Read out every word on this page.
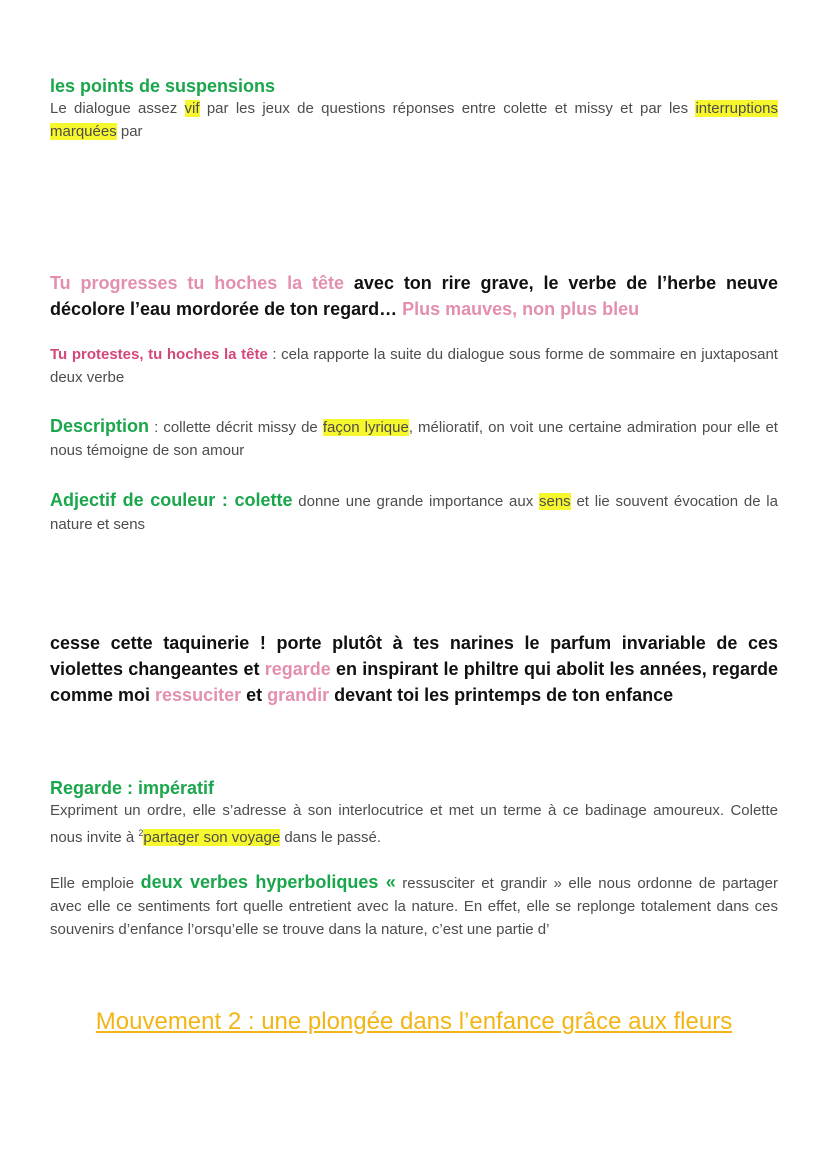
les points de suspensions
Le dialogue assez vif par les jeux de questions réponses entre colette et missy et par les interruptions marquées par
Tu progresses tu hoches la tête avec ton rire grave, le verbe de l’herbe neuve décolore l’eau mordorée de ton regard… Plus mauves, non plus bleu
Tu protestes, tu hoches la tête : cela rapporte la suite du dialogue sous forme de sommaire en juxtaposant deux verbe
Description : collette décrit missy de façon lyrique, mélioratif, on voit une certaine admiration pour elle et nous témoigne de son amour
Adjectif de couleur : colette donne une grande importance aux sens et lie souvent évocation de la nature et sens
cesse cette taquinerie ! porte plutôt à tes narines le parfum invariable de ces violettes changeantes et regarde en inspirant le philtre qui abolit les années, regarde comme moi ressuciter et grandir devant toi les printemps de ton enfance
Regarde : impératif
Expriment un ordre, elle s’adresse à son interlocutrice et met un terme à ce badinage amoureux. Colette nous invite à $^2$partager son voyage dans le passé.
Elle emploie deux verbes hyperboliques « ressusciter et grandir » elle nous ordonne de partager avec elle ce sentiments fort quelle entretient avec la nature. En effet, elle se replonge totalement dans ces souvenirs d’enfance l’orsqu’elle se trouve dans la nature, c’est une partie d’
Mouvement 2 : une plongée dans l’enfance grâce aux fleurs
